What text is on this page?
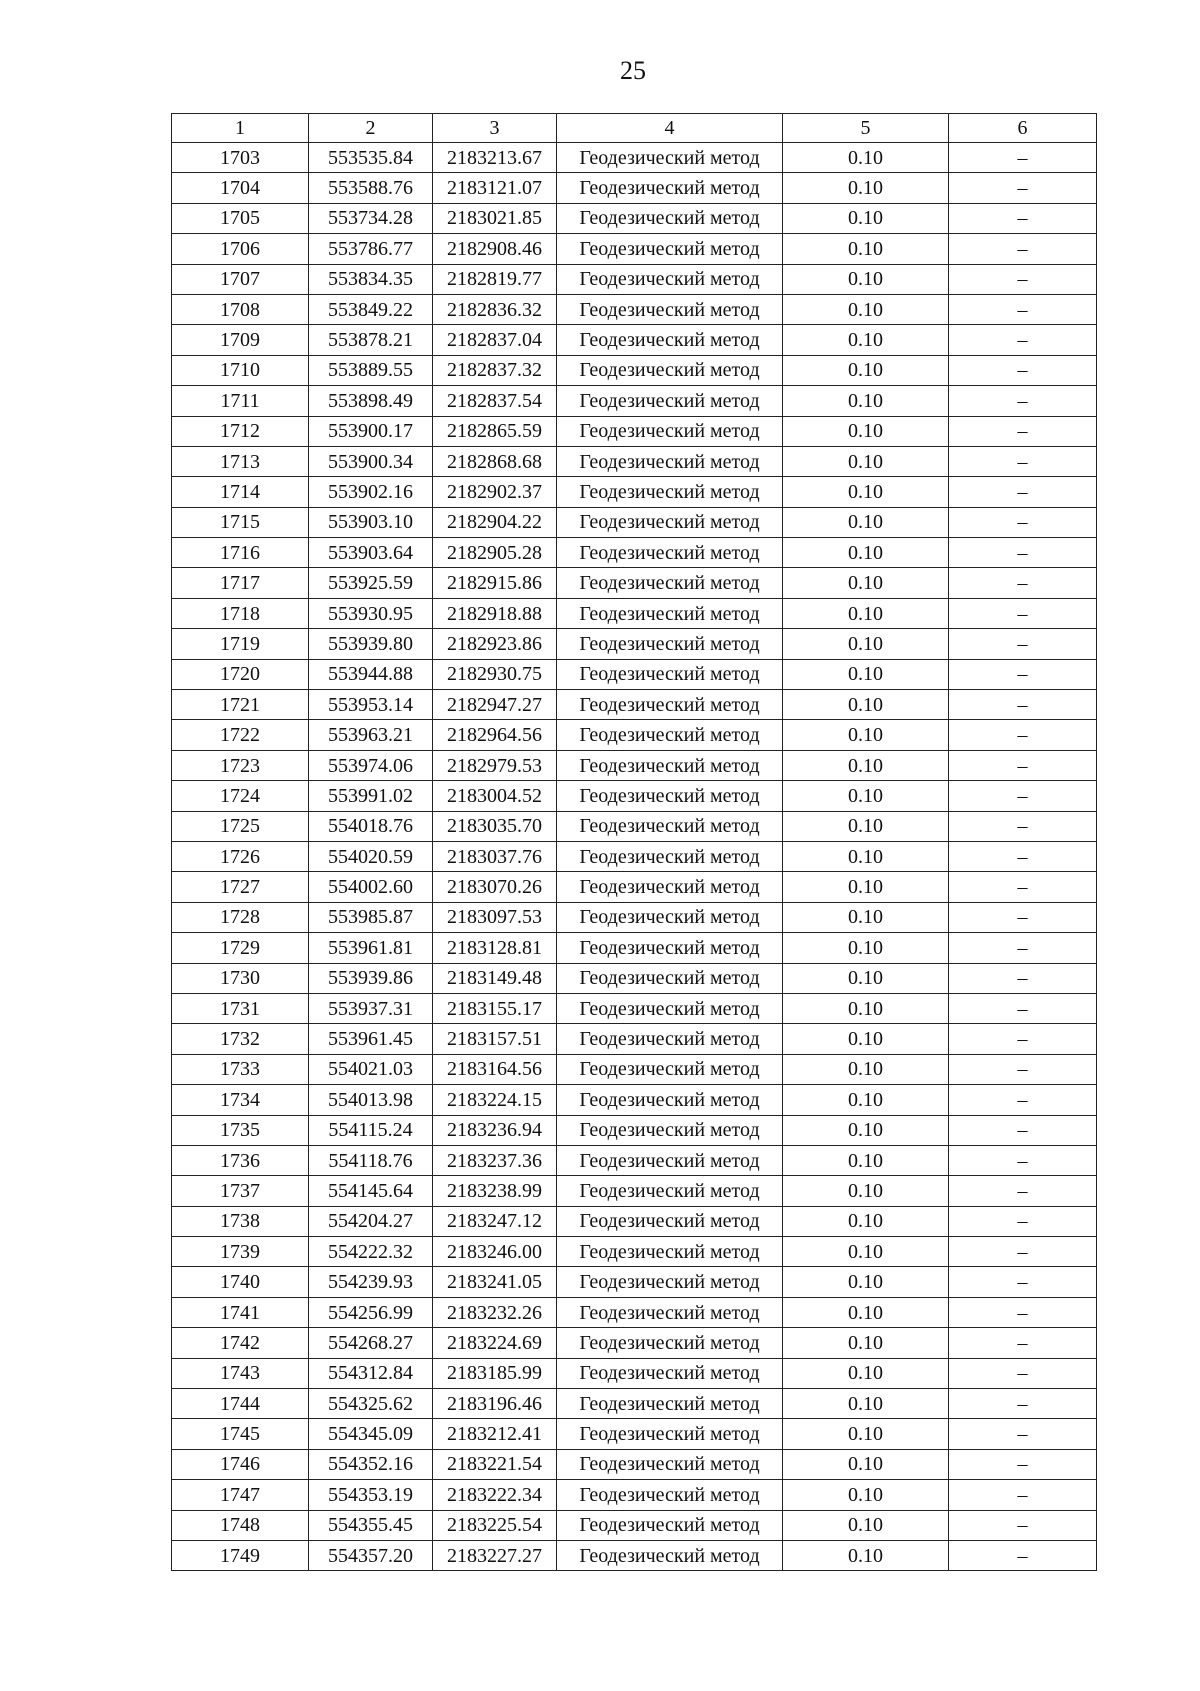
25
1	2	3	4	5	6
1703	553535.84	2183213.67	Геодезический метод	0.10	–
1704	553588.76	2183121.07	Геодезический метод	0.10	–
1705	553734.28	2183021.85	Геодезический метод	0.10	–
1706	553786.77	2182908.46	Геодезический метод	0.10	–
1707	553834.35	2182819.77	Геодезический метод	0.10	–
1708	553849.22	2182836.32	Геодезический метод	0.10	–
1709	553878.21	2182837.04	Геодезический метод	0.10	–
1710	553889.55	2182837.32	Геодезический метод	0.10	–
1711	553898.49	2182837.54	Геодезический метод	0.10	–
1712	553900.17	2182865.59	Геодезический метод	0.10	–
1713	553900.34	2182868.68	Геодезический метод	0.10	–
1714	553902.16	2182902.37	Геодезический метод	0.10	–
1715	553903.10	2182904.22	Геодезический метод	0.10	–
1716	553903.64	2182905.28	Геодезический метод	0.10	–
1717	553925.59	2182915.86	Геодезический метод	0.10	–
1718	553930.95	2182918.88	Геодезический метод	0.10	–
1719	553939.80	2182923.86	Геодезический метод	0.10	–
1720	553944.88	2182930.75	Геодезический метод	0.10	–
1721	553953.14	2182947.27	Геодезический метод	0.10	–
1722	553963.21	2182964.56	Геодезический метод	0.10	–
1723	553974.06	2182979.53	Геодезический метод	0.10	–
1724	553991.02	2183004.52	Геодезический метод	0.10	–
1725	554018.76	2183035.70	Геодезический метод	0.10	–
1726	554020.59	2183037.76	Геодезический метод	0.10	–
1727	554002.60	2183070.26	Геодезический метод	0.10	–
1728	553985.87	2183097.53	Геодезический метод	0.10	–
1729	553961.81	2183128.81	Геодезический метод	0.10	–
1730	553939.86	2183149.48	Геодезический метод	0.10	–
1731	553937.31	2183155.17	Геодезический метод	0.10	–
1732	553961.45	2183157.51	Геодезический метод	0.10	–
1733	554021.03	2183164.56	Геодезический метод	0.10	–
1734	554013.98	2183224.15	Геодезический метод	0.10	–
1735	554115.24	2183236.94	Геодезический метод	0.10	–
1736	554118.76	2183237.36	Геодезический метод	0.10	–
1737	554145.64	2183238.99	Геодезический метод	0.10	–
1738	554204.27	2183247.12	Геодезический метод	0.10	–
1739	554222.32	2183246.00	Геодезический метод	0.10	–
1740	554239.93	2183241.05	Геодезический метод	0.10	–
1741	554256.99	2183232.26	Геодезический метод	0.10	–
1742	554268.27	2183224.69	Геодезический метод	0.10	–
1743	554312.84	2183185.99	Геодезический метод	0.10	–
1744	554325.62	2183196.46	Геодезический метод	0.10	–
1745	554345.09	2183212.41	Геодезический метод	0.10	–
1746	554352.16	2183221.54	Геодезический метод	0.10	–
1747	554353.19	2183222.34	Геодезический метод	0.10	–
1748	554355.45	2183225.54	Геодезический метод	0.10	–
1749	554357.20	2183227.27	Геодезический метод	0.10	–
